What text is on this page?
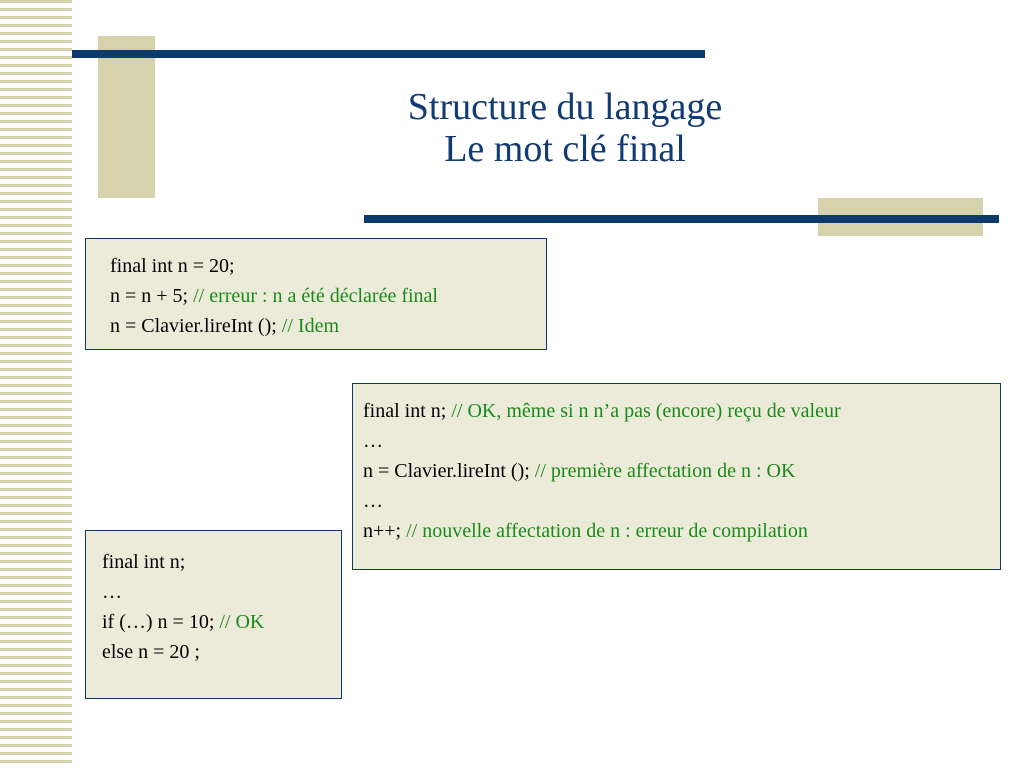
Structure du langage
Le mot clé final
final int n = 20;
n = n + 5; // erreur : n a été déclarée final
n = Clavier.lireInt (); // Idem
final int n; // OK, même si n n’a pas (encore) reçu de valeur
…
n = Clavier.lireInt (); // première affectation de n : OK
…
n++; // nouvelle affectation de n : erreur de compilation
final int n;
…
if (…) n = 10; // OK
else n = 20 ;
